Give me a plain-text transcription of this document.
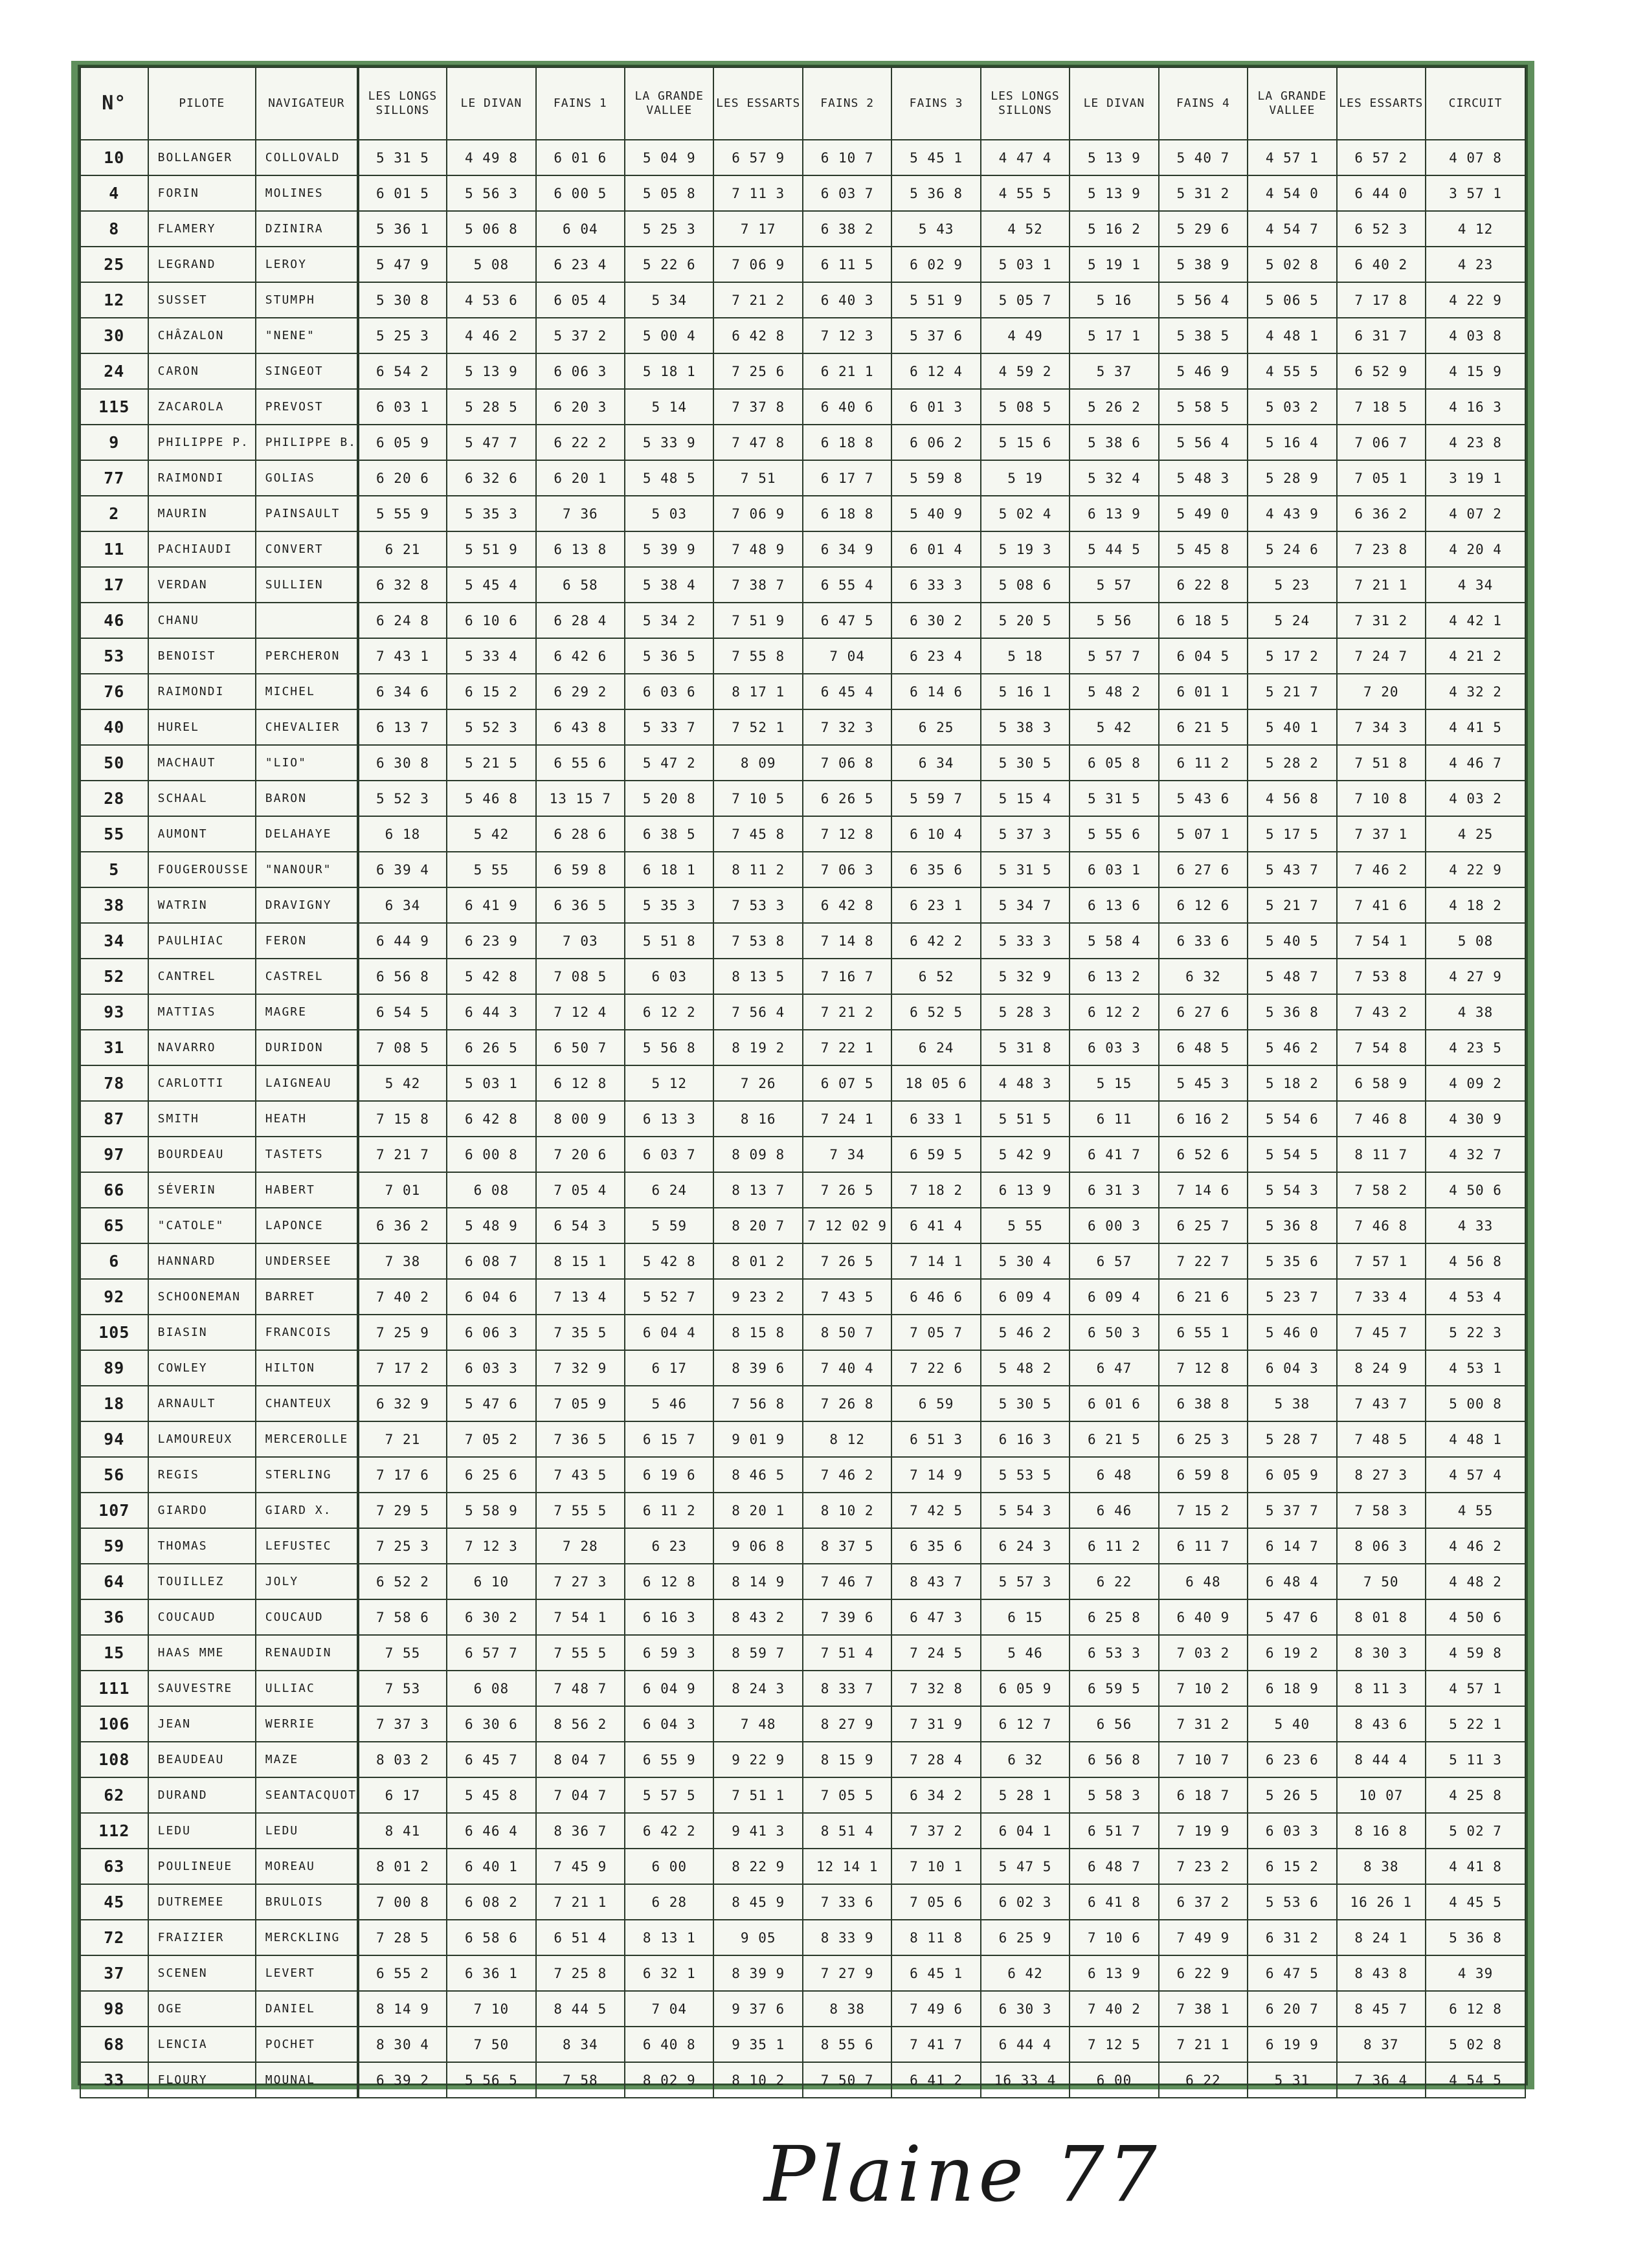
N°	PILOTE	NAVIGATEUR	LES LONGS SILLONS	LE DIVAN	FAINS 1	LA GRANDE VALLEE	LES ESSARTS	FAINS 2	FAINS 3	LES LONGS SILLONS	LE DIVAN	FAINS 4	LA GRANDE VALLEE	LES ESSARTS	CIRCUIT
10	BOLLANGER	COLLOVALD	5 31 5	4 49 8	6 01 6	5 04 9	6 57 9	6 10 7	5 45 1	4 47 4	5 13 9	5 40 7	4 57 1	6 57 2	4 07 8
4	FORIN	MOLINES	6 01 5	5 56 3	6 00 5	5 05 8	7 11 3	6 03 7	5 36 8	4 55 5	5 13 9	5 31 2	4 54 0	6 44 0	3 57 1
8	FLAMERY	DZINIRA	5 36 1	5 06 8	6 04	5 25 3	7 17	6 38 2	5 43	4 52	5 16 2	5 29 6	4 54 7	6 52 3	4 12
25	LEGRAND	LEROY	5 47 9	5 08	6 23 4	5 22 6	7 06 9	6 11 5	6 02 9	5 03 1	5 19 1	5 38 9	5 02 8	6 40 2	4 23
12	SUSSET	STUMPH	5 30 8	4 53 6	6 05 4	5 34	7 21 2	6 40 3	5 51 9	5 05 7	5 16	5 56 4	5 06 5	7 17 8	4 22 9
30	CHÂZALON	"NENE"	5 25 3	4 46 2	5 37 2	5 00 4	6 42 8	7 12 3	5 37 6	4 49	5 17 1	5 38 5	4 48 1	6 31 7	4 03 8
24	CARON	SINGEOT	6 54 2	5 13 9	6 06 3	5 18 1	7 25 6	6 21 1	6 12 4	4 59 2	5 37	5 46 9	4 55 5	6 52 9	4 15 9
115	ZACAROLA	PREVOST	6 03 1	5 28 5	6 20 3	5 14	7 37 8	6 40 6	6 01 3	5 08 5	5 26 2	5 58 5	5 03 2	7 18 5	4 16 3
9	PHILIPPE P.	PHILIPPE B.	6 05 9	5 47 7	6 22 2	5 33 9	7 47 8	6 18 8	6 06 2	5 15 6	5 38 6	5 56 4	5 16 4	7 06 7	4 23 8
77	RAIMONDI	GOLIAS	6 20 6	6 32 6	6 20 1	5 48 5	7 51	6 17 7	5 59 8	5 19	5 32 4	5 48 3	5 28 9	7 05 1	3 19 1
2	MAURIN	PAINSAULT	5 55 9	5 35 3	7 36	5 03	7 06 9	6 18 8	5 40 9	5 02 4	6 13 9	5 49 0	4 43 9	6 36 2	4 07 2
11	PACHIAUDI	CONVERT	6 21	5 51 9	6 13 8	5 39 9	7 48 9	6 34 9	6 01 4	5 19 3	5 44 5	5 45 8	5 24 6	7 23 8	4 20 4
17	VERDAN	SULLIEN	6 32 8	5 45 4	6 58	5 38 4	7 38 7	6 55 4	6 33 3	5 08 6	5 57	6 22 8	5 23	7 21 1	4 34
46	CHANU		6 24 8	6 10 6	6 28 4	5 34 2	7 51 9	6 47 5	6 30 2	5 20 5	5 56	6 18 5	5 24	7 31 2	4 42 1
53	BENOIST	PERCHERON	7 43 1	5 33 4	6 42 6	5 36 5	7 55 8	7 04	6 23 4	5 18	5 57 7	6 04 5	5 17 2	7 24 7	4 21 2
76	RAIMONDI	MICHEL	6 34 6	6 15 2	6 29 2	6 03 6	8 17 1	6 45 4	6 14 6	5 16 1	5 48 2	6 01 1	5 21 7	7 20	4 32 2
40	HUREL	CHEVALIER	6 13 7	5 52 3	6 43 8	5 33 7	7 52 1	7 32 3	6 25	5 38 3	5 42	6 21 5	5 40 1	7 34 3	4 41 5
50	MACHAUT	"LIO"	6 30 8	5 21 5	6 55 6	5 47 2	8 09	7 06 8	6 34	5 30 5	6 05 8	6 11 2	5 28 2	7 51 8	4 46 7
28	SCHAAL	BARON	5 52 3	5 46 8	13 15 7	5 20 8	7 10 5	6 26 5	5 59 7	5 15 4	5 31 5	5 43 6	4 56 8	7 10 8	4 03 2
55	AUMONT	DELAHAYE	6 18	5 42	6 28 6	6 38 5	7 45 8	7 12 8	6 10 4	5 37 3	5 55 6	5 07 1	5 17 5	7 37 1	4 25
5	FOUGEROUSSE	"NANOUR"	6 39 4	5 55	6 59 8	6 18 1	8 11 2	7 06 3	6 35 6	5 31 5	6 03 1	6 27 6	5 43 7	7 46 2	4 22 9
38	WATRIN	DRAVIGNY	6 34	6 41 9	6 36 5	5 35 3	7 53 3	6 42 8	6 23 1	5 34 7	6 13 6	6 12 6	5 21 7	7 41 6	4 18 2
34	PAULHIAC	FERON	6 44 9	6 23 9	7 03	5 51 8	7 53 8	7 14 8	6 42 2	5 33 3	5 58 4	6 33 6	5 40 5	7 54 1	5 08
52	CANTREL	CASTREL	6 56 8	5 42 8	7 08 5	6 03	8 13 5	7 16 7	6 52	5 32 9	6 13 2	6 32	5 48 7	7 53 8	4 27 9
93	MATTIAS	MAGRE	6 54 5	6 44 3	7 12 4	6 12 2	7 56 4	7 21 2	6 52 5	5 28 3	6 12 2	6 27 6	5 36 8	7 43 2	4 38
31	NAVARRO	DURIDON	7 08 5	6 26 5	6 50 7	5 56 8	8 19 2	7 22 1	6 24	5 31 8	6 03 3	6 48 5	5 46 2	7 54 8	4 23 5
78	CARLOTTI	LAIGNEAU	5 42	5 03 1	6 12 8	5 12	7 26	6 07 5	18 05 6	4 48 3	5 15	5 45 3	5 18 2	6 58 9	4 09 2
87	SMITH	HEATH	7 15 8	6 42 8	8 00 9	6 13 3	8 16	7 24 1	6 33 1	5 51 5	6 11	6 16 2	5 54 6	7 46 8	4 30 9
97	BOURDEAU	TASTETS	7 21 7	6 00 8	7 20 6	6 03 7	8 09 8	7 34	6 59 5	5 42 9	6 41 7	6 52 6	5 54 5	8 11 7	4 32 7
66	SÉVERIN	HABERT	7 01	6 08	7 05 4	6 24	8 13 7	7 26 5	7 18 2	6 13 9	6 31 3	7 14 6	5 54 3	7 58 2	4 50 6
65	"CATOLE"	LAPONCE	6 36 2	5 48 9	6 54 3	5 59	8 20 7	7 12 02 9	6 41 4	5 55	6 00 3	6 25 7	5 36 8	7 46 8	4 33
6	HANNARD	UNDERSEE	7 38	6 08 7	8 15 1	5 42 8	8 01 2	7 26 5	7 14 1	5 30 4	6 57	7 22 7	5 35 6	7 57 1	4 56 8
92	SCHOONEMAN	BARRET	7 40 2	6 04 6	7 13 4	5 52 7	9 23 2	7 43 5	6 46 6	6 09 4	6 09 4	6 21 6	5 23 7	7 33 4	4 53 4
105	BIASIN	FRANCOIS	7 25 9	6 06 3	7 35 5	6 04 4	8 15 8	8 50 7	7 05 7	5 46 2	6 50 3	6 55 1	5 46 0	7 45 7	5 22 3
89	COWLEY	HILTON	7 17 2	6 03 3	7 32 9	6 17	8 39 6	7 40 4	7 22 6	5 48 2	6 47	7 12 8	6 04 3	8 24 9	4 53 1
18	ARNAULT	CHANTEUX	6 32 9	5 47 6	7 05 9	5 46	7 56 8	7 26 8	6 59	5 30 5	6 01 6	6 38 8	5 38	7 43 7	5 00 8
94	LAMOUREUX	MERCEROLLE	7 21	7 05 2	7 36 5	6 15 7	9 01 9	8 12	6 51 3	6 16 3	6 21 5	6 25 3	5 28 7	7 48 5	4 48 1
56	REGIS	STERLING	7 17 6	6 25 6	7 43 5	6 19 6	8 46 5	7 46 2	7 14 9	5 53 5	6 48	6 59 8	6 05 9	8 27 3	4 57 4
107	GIARDO	GIARD X.	7 29 5	5 58 9	7 55 5	6 11 2	8 20 1	8 10 2	7 42 5	5 54 3	6 46	7 15 2	5 37 7	7 58 3	4 55
59	THOMAS	LEFUSTEC	7 25 3	7 12 3	7 28	6 23	9 06 8	8 37 5	6 35 6	6 24 3	6 11 2	6 11 7	6 14 7	8 06 3	4 46 2
64	TOUILLEZ	JOLY	6 52 2	6 10	7 27 3	6 12 8	8 14 9	7 46 7	8 43 7	5 57 3	6 22	6 48	6 48 4	7 50	4 48 2
36	COUCAUD	COUCAUD	7 58 6	6 30 2	7 54 1	6 16 3	8 43 2	7 39 6	6 47 3	6 15	6 25 8	6 40 9	5 47 6	8 01 8	4 50 6
15	HAAS MME	RENAUDIN	7 55	6 57 7	7 55 5	6 59 3	8 59 7	7 51 4	7 24 5	5 46	6 53 3	7 03 2	6 19 2	8 30 3	4 59 8
111	SAUVESTRE	ULLIAC	7 53	6 08	7 48 7	6 04 9	8 24 3	8 33 7	7 32 8	6 05 9	6 59 5	7 10 2	6 18 9	8 11 3	4 57 1
106	JEAN	WERRIE	7 37 3	6 30 6	8 56 2	6 04 3	7 48	8 27 9	7 31 9	6 12 7	6 56	7 31 2	5 40	8 43 6	5 22 1
108	BEAUDEAU	MAZE	8 03 2	6 45 7	8 04 7	6 55 9	9 22 9	8 15 9	7 28 4	6 32	6 56 8	7 10 7	6 23 6	8 44 4	5 11 3
62	DURAND	SEANTACQUOT	6 17	5 45 8	7 04 7	5 57 5	7 51 1	7 05 5	6 34 2	5 28 1	5 58 3	6 18 7	5 26 5	10 07	4 25 8
112	LEDU	LEDU	8 41	6 46 4	8 36 7	6 42 2	9 41 3	8 51 4	7 37 2	6 04 1	6 51 7	7 19 9	6 03 3	8 16 8	5 02 7
63	POULINEUE	MOREAU	8 01 2	6 40 1	7 45 9	6 00	8 22 9	12 14 1	7 10 1	5 47 5	6 48 7	7 23 2	6 15 2	8 38	4 41 8
45	DUTREMEE	BRULOIS	7 00 8	6 08 2	7 21 1	6 28	8 45 9	7 33 6	7 05 6	6 02 3	6 41 8	6 37 2	5 53 6	16 26 1	4 45 5
72	FRAIZIER	MERCKLING	7 28 5	6 58 6	6 51 4	8 13 1	9 05	8 33 9	8 11 8	6 25 9	7 10 6	7 49 9	6 31 2	8 24 1	5 36 8
37	SCENEN	LEVERT	6 55 2	6 36 1	7 25 8	6 32 1	8 39 9	7 27 9	6 45 1	6 42	6 13 9	6 22 9	6 47 5	8 43 8	4 39
98	OGE	DANIEL	8 14 9	7 10	8 44 5	7 04	9 37 6	8 38	7 49 6	6 30 3	7 40 2	7 38 1	6 20 7	8 45 7	6 12 8
68	LENCIA	POCHET	8 30 4	7 50	8 34	6 40 8	9 35 1	8 55 6	7 41 7	6 44 4	7 12 5	7 21 1	6 19 9	8 37	5 02 8
33	FLOURY	MOUNAL	6 39 2	5 56 5	7 58	8 02 9	8 10 2	7 50 7	6 41 2	16 33 4	6 00	6 22	5 31	7 36 4	4 54 5
Plaine 77
